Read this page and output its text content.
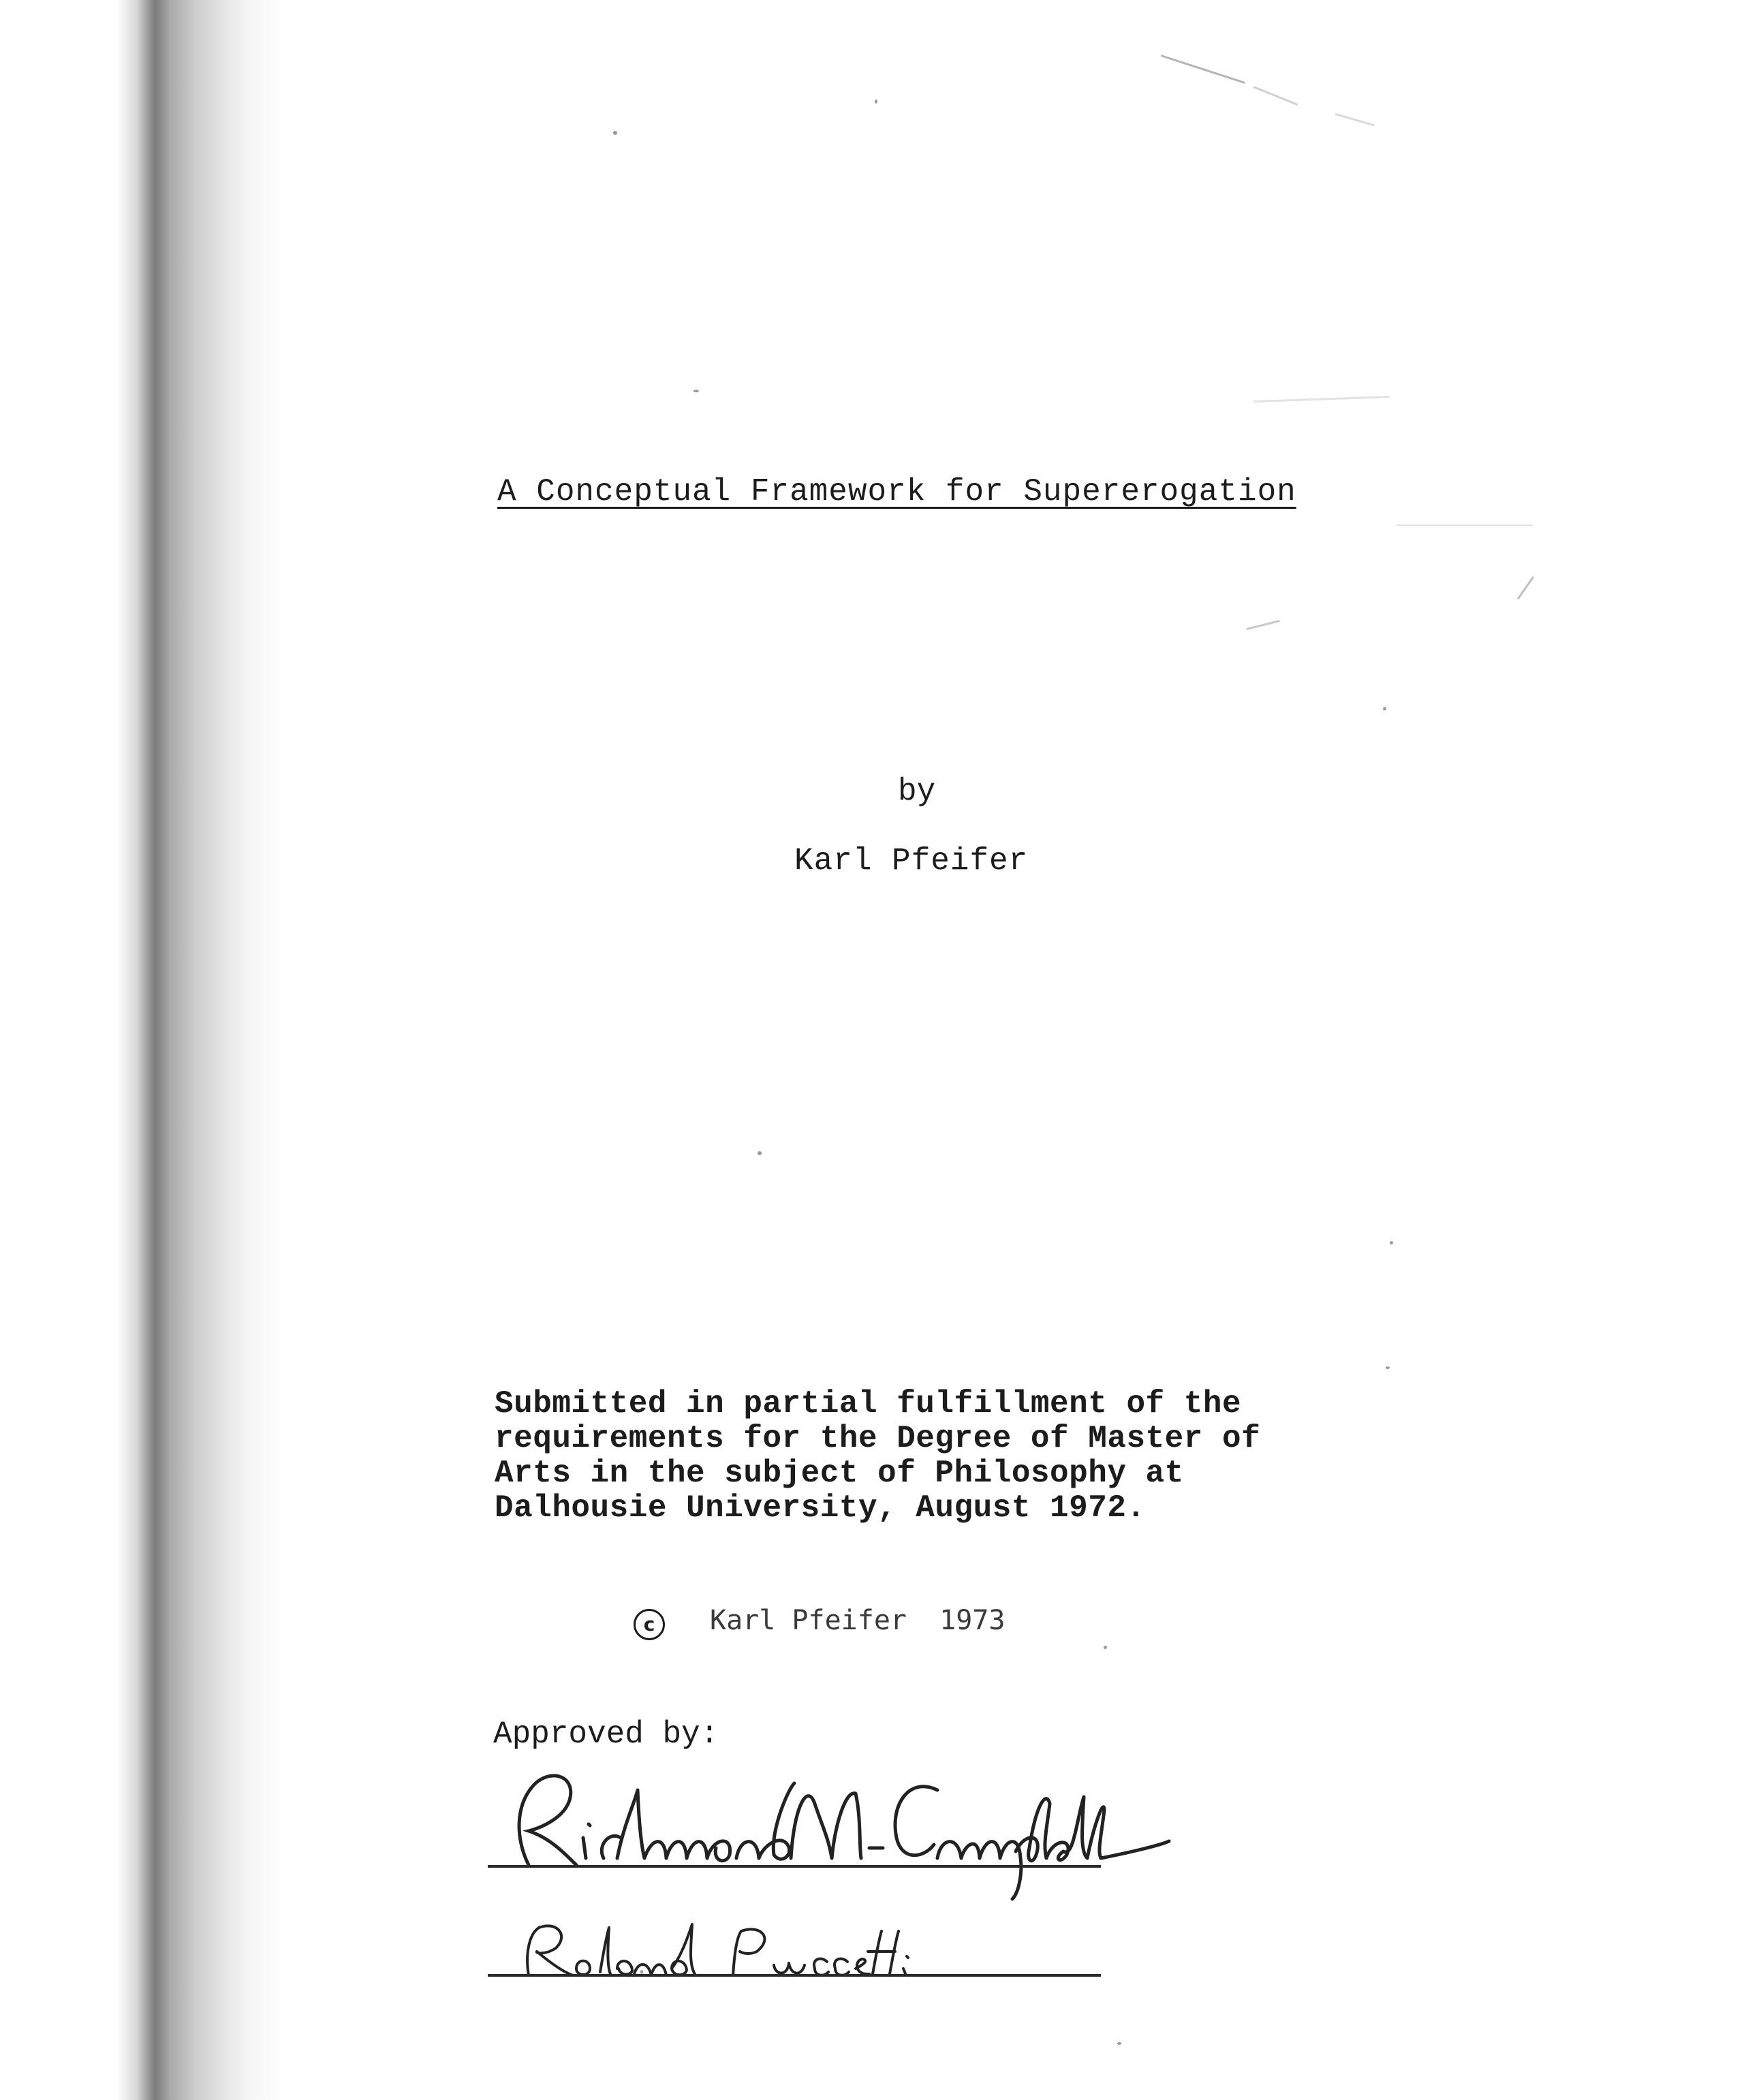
A Conceptual Framework for Supererogation
by
Karl Pfeifer
Submitted in partial fulfillment of the
requirements for the Degree of Master of
Arts in the subject of Philosophy at
Dalhousie University, August 1972.
c Karl Pfeifer 1973
Approved by:
